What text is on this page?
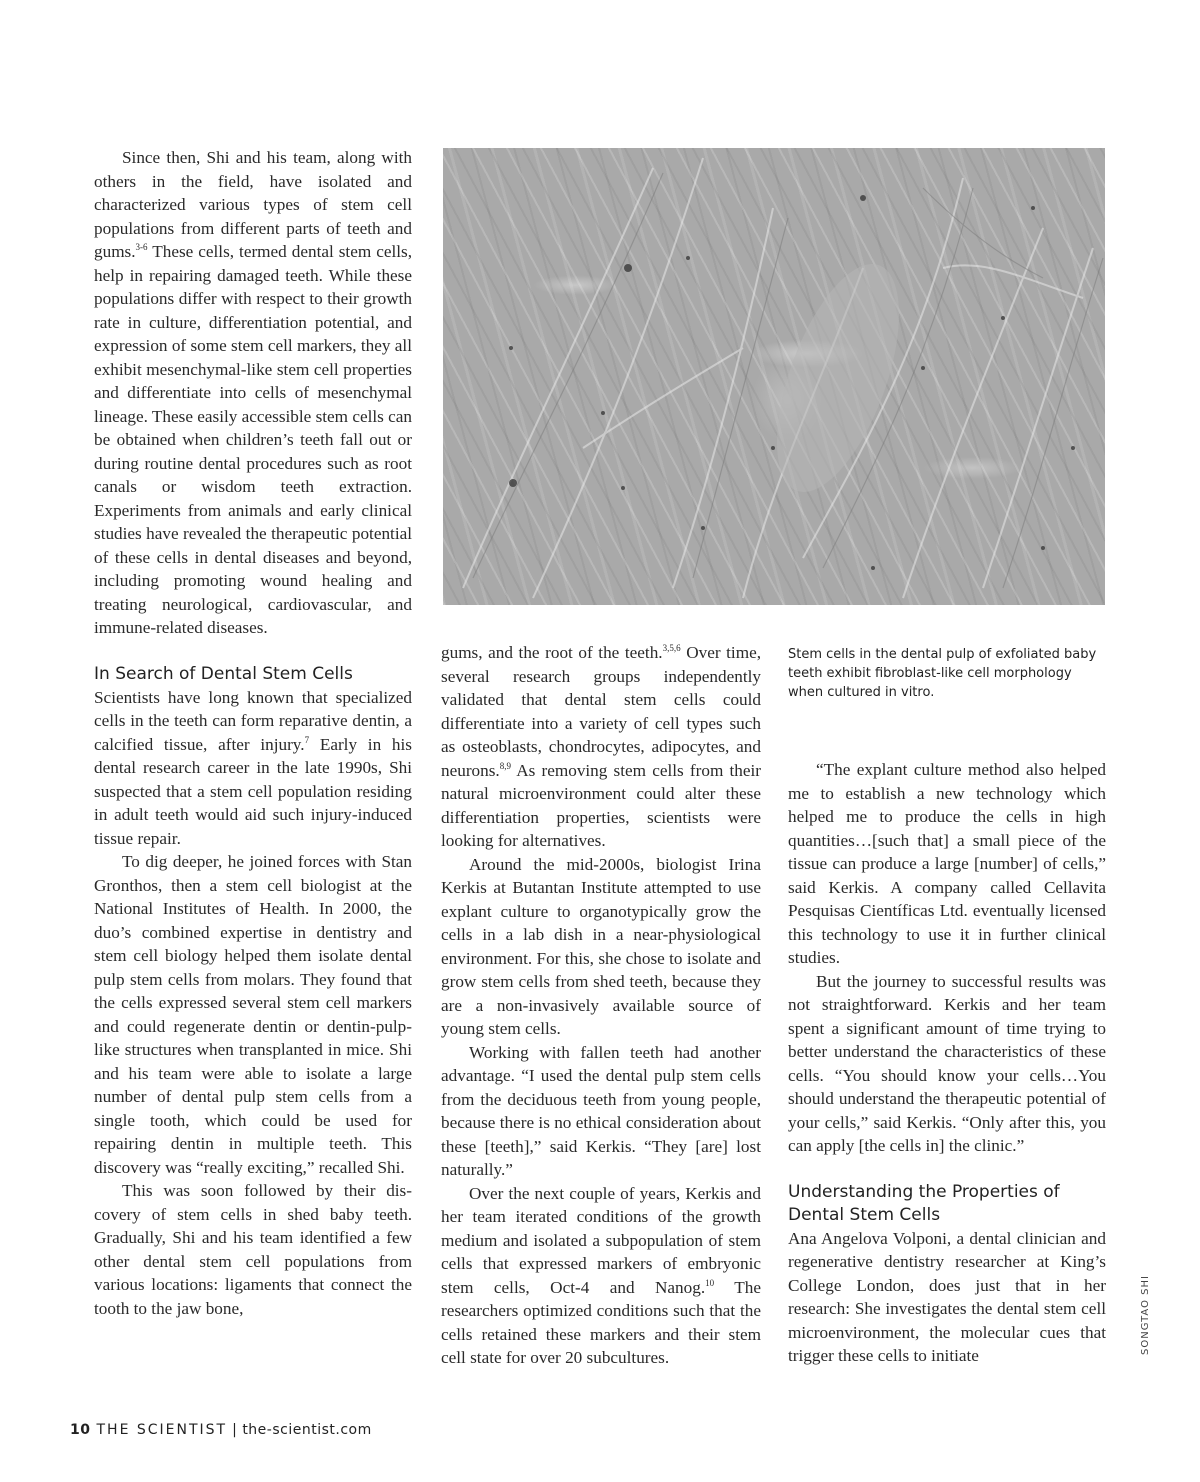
Since then, Shi and his team, along with others in the field, have isolated and characterized various types of stem cell populations from different parts of teeth and gums.$^{3-6}$ These cells, termed dental stem cells, help in repairing damaged teeth. While these populations differ with respect to their growth rate in culture, differentiation potential, and expression of some stem cell markers, they all exhibit mesenchymal-like stem cell properties and differentiate into cells of mesenchymal lineage. These easily accessible stem cells can be obtained when children’s teeth fall out or during routine dental procedures such as root canals or wisdom teeth extraction. Experiments from animals and early clinical studies have revealed the therapeutic potential of these cells in dental diseases and beyond, including promoting wound healing and treating neurological, cardiovascular, and immune-related diseases.

In Search of Dental Stem Cells

Scientists have long known that specialized cells in the teeth can form reparative dentin, a calcified tissue, after injury.$^7$ Early in his dental research career in the late 1990s, Shi suspected that a stem cell population residing in adult teeth would aid such injury-induced tissue repair.

To dig deeper, he joined forces with Stan Gronthos, then a stem cell biologist at the National Institutes of Health. In 2000, the duo’s combined expertise in dentistry and stem cell biology helped them isolate dental pulp stem cells from molars. They found that the cells expressed several stem cell markers and could regenerate dentin or dentin-pulp-like structures when transplanted in mice. Shi and his team were able to isolate a large number of dental pulp stem cells from a single tooth, which could be used for repairing dentin in multiple teeth. This discovery was “really exciting,” recalled Shi.

This was soon followed by their discovery of stem cells in shed baby teeth. Gradually, Shi and his team identified a few other dental stem cell populations from various locations: ligaments that connect the tooth to the jaw bone,

Stem cells in the dental pulp of exfoliated baby teeth exhibit fibroblast-like cell morphology when cultured in vitro.

gums, and the root of the teeth.$^{3,5,6}$ Over time, several research groups independently validated that dental stem cells could differentiate into a variety of cell types such as osteoblasts, chondrocytes, adipocytes, and neurons.$^{8,9}$ As removing stem cells from their natural microenvironment could alter these differentiation properties, scientists were looking for alternatives.

Around the mid-2000s, biologist Irina Kerkis at Butantan Institute attempted to use explant culture to organotypically grow the cells in a lab dish in a near-physiological environment. For this, she chose to isolate and grow stem cells from shed teeth, because they are a non-invasively available source of young stem cells.

Working with fallen teeth had another advantage. “I used the dental pulp stem cells from the deciduous teeth from young people, because there is no ethical consideration about these [teeth],” said Kerkis. “They [are] lost naturally.”

Over the next couple of years, Kerkis and her team iterated conditions of the growth medium and isolated a subpopulation of stem cells that expressed markers of embryonic stem cells, Oct-4 and Nanog.$^{10}$ The researchers optimized conditions such that the cells retained these markers and their stem cell state for over 20 subcultures.

“The explant culture method also helped me to establish a new technology which helped me to produce the cells in high quantities…[such that] a small piece of the tissue can produce a large [number] of cells,” said Kerkis. A company called Cellavita Pesquisas Científicas Ltd. eventually licensed this technology to use it in further clinical studies.

But the journey to successful results was not straightforward. Kerkis and her team spent a significant amount of time trying to better understand the characteristics of these cells. “You should know your cells…You should understand the therapeutic potential of your cells,” said Kerkis. “Only after this, you can apply [the cells in] the clinic.”

Understanding the Properties of Dental Stem Cells

Ana Angelova Volponi, a dental clinician and regenerative dentistry researcher at King’s College London, does just that in her research: She investigates the dental stem cell microenvironment, the molecular cues that trigger these cells to initiate

SONGTAO SHI
10 THE SCIENTIST | the-scientist.com
